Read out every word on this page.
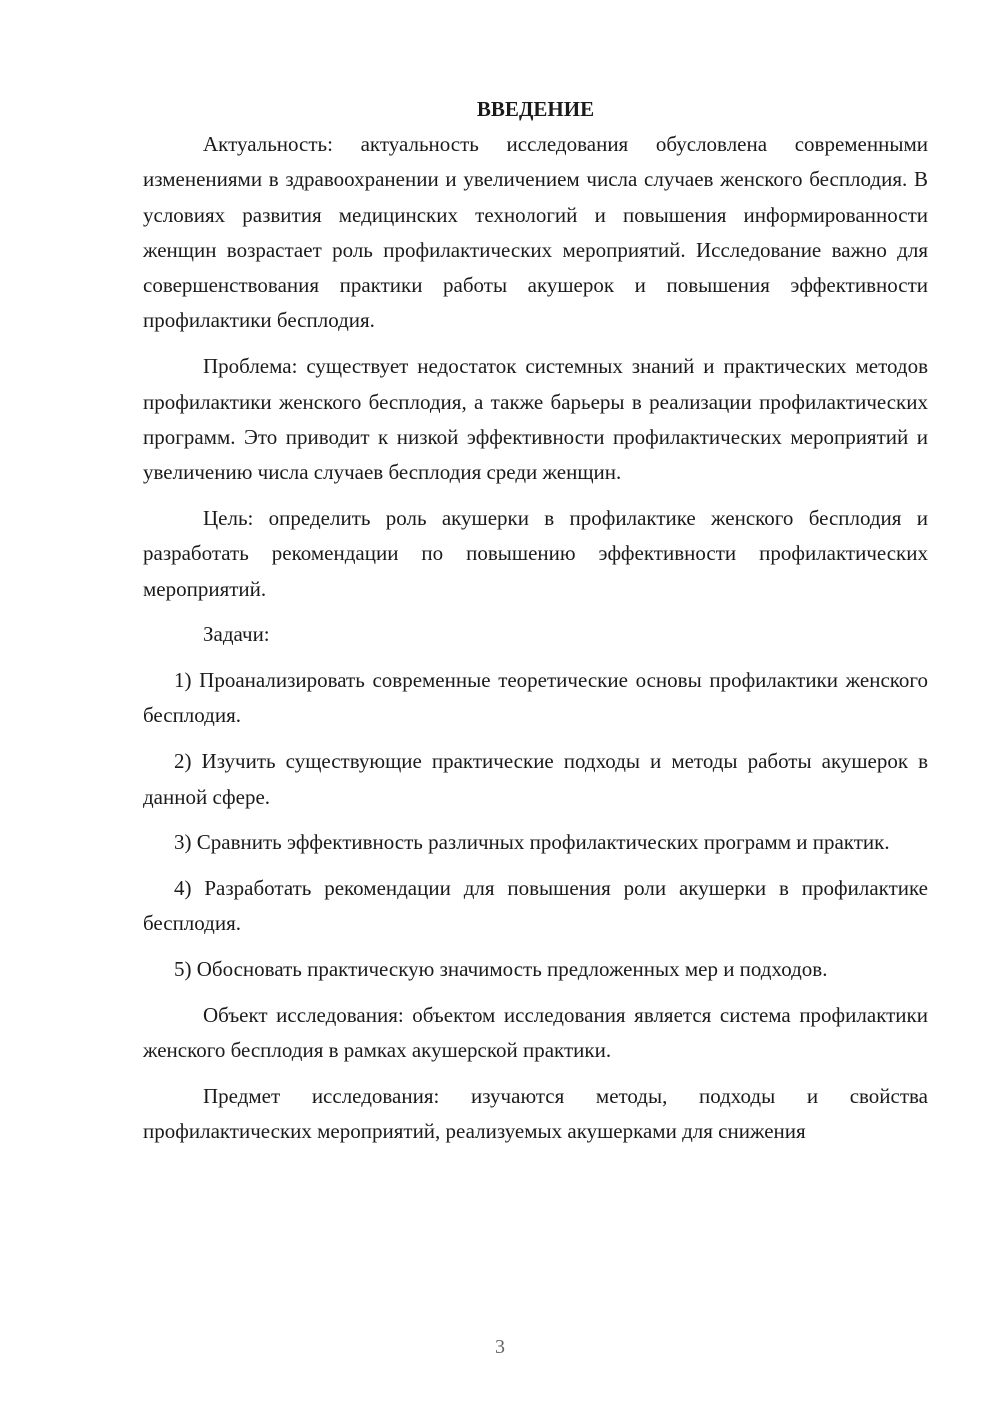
ВВЕДЕНИЕ

Актуальность: актуальность исследования обусловлена современными изменениями в здравоохранении и увеличением числа случаев женского бесплодия. В условиях развития медицинских технологий и повышения информированности женщин возрастает роль профилактических мероприятий. Исследование важно для совершенствования практики работы акушерок и повышения эффективности профилактики бесплодия.

Проблема: существует недостаток системных знаний и практических методов профилактики женского бесплодия, а также барьеры в реализации профилактических программ. Это приводит к низкой эффективности профилактических мероприятий и увеличению числа случаев бесплодия среди женщин.

Цель: определить роль акушерки в профилактике женского бесплодия и разработать рекомендации по повышению эффективности профилактических мероприятий.

Задачи:

1) Проанализировать современные теоретические основы профилактики женского бесплодия.

2) Изучить существующие практические подходы и методы работы акушерок в данной сфере.

3) Сравнить эффективность различных профилактических программ и практик.

4) Разработать рекомендации для повышения роли акушерки в профилактике бесплодия.

5) Обосновать практическую значимость предложенных мер и подходов.

Объект исследования: объектом исследования является система профилактики женского бесплодия в рамках акушерской практики.

Предмет исследования: изучаются методы, подходы и свойства профилактических мероприятий, реализуемых акушерками для снижения

3
